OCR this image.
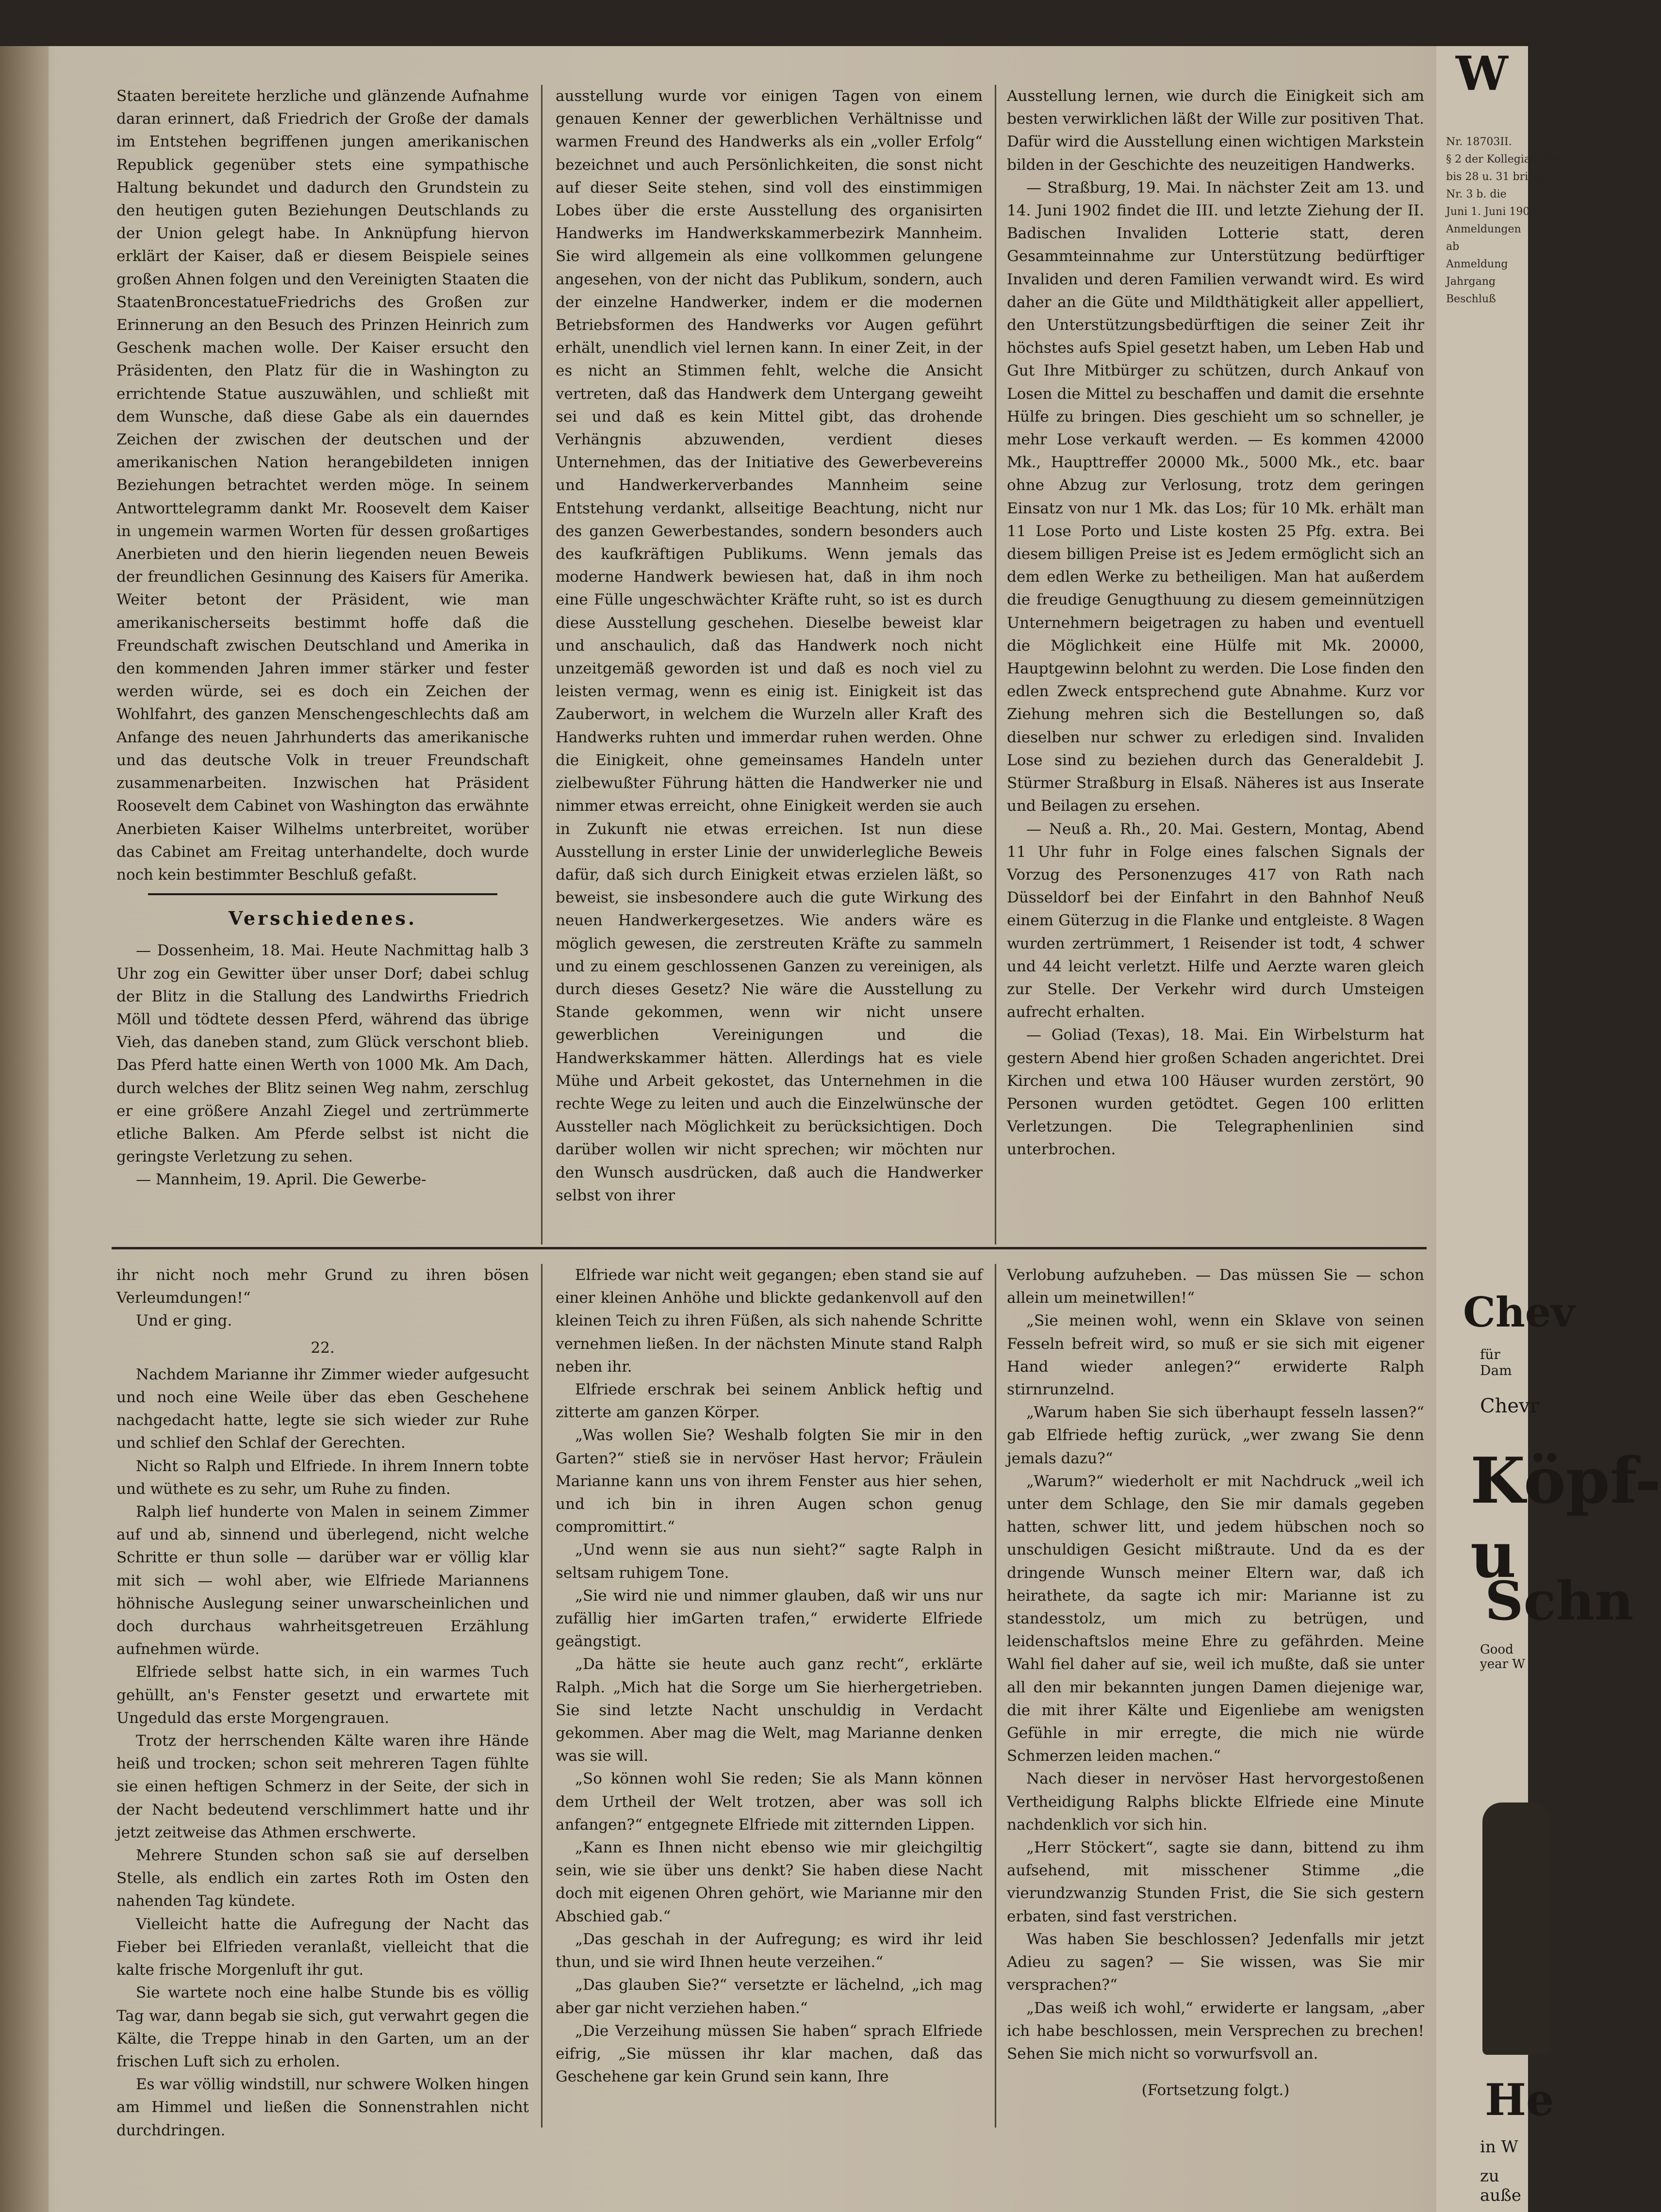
Staaten bereitete herzliche und glänzende Aufnahme daran erinnert, daß Friedrich der Große der damals im Entstehen begriffenen jungen amerikanischen Republick gegenüber stets eine sympathische Haltung bekundet und dadurch den Grundstein zu den heutigen guten Beziehungen Deutschlands zu der Union gelegt habe. In Anknüpfung hiervon erklärt der Kaiser, daß er diesem Beispiele seines großen Ahnen folgen und den Vereinigten Staaten die StaatenBroncestatueFriedrichs des Großen zur Erinnerung an den Besuch des Prinzen Heinrich zum Geschenk machen wolle. Der Kaiser ersucht den Präsidenten, den Platz für die in Washington zu errichtende Statue auszuwählen, und schließt mit dem Wunsche, daß diese Gabe als ein dauerndes Zeichen der zwischen der deutschen und der amerikanischen Nation herangebildeten innigen Beziehungen betrachtet werden möge. In seinem Antworttelegramm dankt Mr. Roosevelt dem Kaiser in ungemein warmen Worten für dessen großartiges Anerbieten und den hierin liegenden neuen Beweis der freundlichen Gesinnung des Kaisers für Amerika. Weiter betont der Präsident, wie man amerikanischerseits bestimmt hoffe daß die Freundschaft zwischen Deutschland und Amerika in den kommenden Jahren immer stärker und fester werden würde, sei es doch ein Zeichen der Wohlfahrt, des ganzen Menschengeschlechts daß am Anfange des neuen Jahrhunderts das amerikanische und das deutsche Volk in treuer Freundschaft zusammenarbeiten. Inzwischen hat Präsident Roosevelt dem Cabinet von Washington das erwähnte Anerbieten Kaiser Wilhelms unterbreitet, worüber das Cabinet am Freitag unterhandelte, doch wurde noch kein bestimmter Beschluß gefaßt.

Verschiedenes.

— Dossenheim, 18. Mai. Heute Nachmittag halb 3 Uhr zog ein Gewitter über unser Dorf; dabei schlug der Blitz in die Stallung des Landwirths Friedrich Möll und tödtete dessen Pferd, während das übrige Vieh, das daneben stand, zum Glück verschont blieb. Das Pferd hatte einen Werth von 1000 Mk. Am Dach, durch welches der Blitz seinen Weg nahm, zerschlug er eine größere Anzahl Ziegel und zertrümmerte etliche Balken. Am Pferde selbst ist nicht die geringste Verletzung zu sehen.

— Mannheim, 19. April. Die Gewerbe-

ausstellung wurde vor einigen Tagen von einem genauen Kenner der gewerblichen Verhältnisse und warmen Freund des Handwerks als ein „voller Erfolg“ bezeichnet und auch Persönlichkeiten, die sonst nicht auf dieser Seite stehen, sind voll des einstimmigen Lobes über die erste Ausstellung des organisirten Handwerks im Handwerkskammerbezirk Mannheim. Sie wird allgemein als eine vollkommen gelungene angesehen, von der nicht das Publikum, sondern, auch der einzelne Handwerker, indem er die modernen Betriebsformen des Handwerks vor Augen geführt erhält, unendlich viel lernen kann. In einer Zeit, in der es nicht an Stimmen fehlt, welche die Ansicht vertreten, daß das Handwerk dem Untergang geweiht sei und daß es kein Mittel gibt, das drohende Verhängnis abzuwenden, verdient dieses Unternehmen, das der Initiative des Gewerbevereins und Handwerkerverbandes Mannheim seine Entstehung verdankt, allseitige Beachtung, nicht nur des ganzen Gewerbestandes, sondern besonders auch des kaufkräftigen Publikums. Wenn jemals das moderne Handwerk bewiesen hat, daß in ihm noch eine Fülle ungeschwächter Kräfte ruht, so ist es durch diese Ausstellung geschehen. Dieselbe beweist klar und anschaulich, daß das Handwerk noch nicht unzeitgemäß geworden ist und daß es noch viel zu leisten vermag, wenn es einig ist. Einigkeit ist das Zauberwort, in welchem die Wurzeln aller Kraft des Handwerks ruhten und immerdar ruhen werden. Ohne die Einigkeit, ohne gemeinsames Handeln unter zielbewußter Führung hätten die Handwerker nie und nimmer etwas erreicht, ohne Einigkeit werden sie auch in Zukunft nie etwas erreichen. Ist nun diese Ausstellung in erster Linie der unwiderlegliche Beweis dafür, daß sich durch Einigkeit etwas erzielen läßt, so beweist, sie insbesondere auch die gute Wirkung des neuen Handwerkergesetzes. Wie anders wäre es möglich gewesen, die zerstreuten Kräfte zu sammeln und zu einem geschlossenen Ganzen zu vereinigen, als durch dieses Gesetz? Nie wäre die Ausstellung zu Stande gekommen, wenn wir nicht unsere gewerblichen Vereinigungen und die Handwerkskammer hätten. Allerdings hat es viele Mühe und Arbeit gekostet, das Unternehmen in die rechte Wege zu leiten und auch die Einzelwünsche der Aussteller nach Möglichkeit zu berücksichtigen. Doch darüber wollen wir nicht sprechen; wir möchten nur den Wunsch ausdrücken, daß auch die Handwerker selbst von ihrer

Ausstellung lernen, wie durch die Einigkeit sich am besten verwirklichen läßt der Wille zur positiven That. Dafür wird die Ausstellung einen wichtigen Markstein bilden in der Geschichte des neuzeitigen Handwerks.

— Straßburg, 19. Mai. In nächster Zeit am 13. und 14. Juni 1902 findet die III. und letzte Ziehung der II. Badischen Invaliden Lotterie statt, deren Gesammteinnahme zur Unterstützung bedürftiger Invaliden und deren Familien verwandt wird. Es wird daher an die Güte und Mildthätigkeit aller appelliert, den Unterstützungsbedürftigen die seiner Zeit ihr höchstes aufs Spiel gesetzt haben, um Leben Hab und Gut Ihre Mitbürger zu schützen, durch Ankauf von Losen die Mittel zu beschaffen und damit die ersehnte Hülfe zu bringen. Dies geschieht um so schneller, je mehr Lose verkauft werden. — Es kommen 42000 Mk., Haupttreffer 20000 Mk., 5000 Mk., etc. baar ohne Abzug zur Verlosung, trotz dem geringen Einsatz von nur 1 Mk. das Los; für 10 Mk. erhält man 11 Lose Porto und Liste kosten 25 Pfg. extra. Bei diesem billigen Preise ist es Jedem ermöglicht sich an dem edlen Werke zu betheiligen. Man hat außerdem die freudige Genugthuung zu diesem gemeinnützigen Unternehmern beigetragen zu haben und eventuell die Möglichkeit eine Hülfe mit Mk. 20000, Hauptgewinn belohnt zu werden. Die Lose finden den edlen Zweck entsprechend gute Abnahme. Kurz vor Ziehung mehren sich die Bestellungen so, daß dieselben nur schwer zu erledigen sind. Invaliden Lose sind zu beziehen durch das Generaldebit J. Stürmer Straßburg in Elsaß. Näheres ist aus Inserate und Beilagen zu ersehen.

— Neuß a. Rh., 20. Mai. Gestern, Montag, Abend 11 Uhr fuhr in Folge eines falschen Signals der Vorzug des Personenzuges 417 von Rath nach Düsseldorf bei der Einfahrt in den Bahnhof Neuß einem Güterzug in die Flanke und entgleiste. 8 Wagen wurden zertrümmert, 1 Reisender ist todt, 4 schwer und 44 leicht verletzt. Hilfe und Aerzte waren gleich zur Stelle. Der Verkehr wird durch Umsteigen aufrecht erhalten.

— Goliad (Texas), 18. Mai. Ein Wirbelsturm hat gestern Abend hier großen Schaden angerichtet. Drei Kirchen und etwa 100 Häuser wurden zerstört, 90 Personen wurden getödtet. Gegen 100 erlitten Verletzungen. Die Telegraphenlinien sind unterbrochen.

ihr nicht noch mehr Grund zu ihren bösen Verleumdungen!“

Und er ging.

22.

Nachdem Marianne ihr Zimmer wieder aufgesucht und noch eine Weile über das eben Geschehene nachgedacht hatte, legte sie sich wieder zur Ruhe und schlief den Schlaf der Gerechten.

Nicht so Ralph und Elfriede. In ihrem Innern tobte und wüthete es zu sehr, um Ruhe zu finden.

Ralph lief hunderte von Malen in seinem Zimmer auf und ab, sinnend und überlegend, nicht welche Schritte er thun solle — darüber war er völlig klar mit sich — wohl aber, wie Elfriede Mariannens höhnische Auslegung seiner unwarscheinlichen und doch durchaus wahrheitsgetreuen Erzählung aufnehmen würde.

Elfriede selbst hatte sich, in ein warmes Tuch gehüllt, an's Fenster gesetzt und erwartete mit Ungeduld das erste Morgengrauen.

Trotz der herrschenden Kälte waren ihre Hände heiß und trocken; schon seit mehreren Tagen fühlte sie einen heftigen Schmerz in der Seite, der sich in der Nacht bedeutend verschlimmert hatte und ihr jetzt zeitweise das Athmen erschwerte.

Mehrere Stunden schon saß sie auf derselben Stelle, als endlich ein zartes Roth im Osten den nahenden Tag kündete.

Vielleicht hatte die Aufregung der Nacht das Fieber bei Elfrieden veranlaßt, vielleicht that die kalte frische Morgenluft ihr gut.

Sie wartete noch eine halbe Stunde bis es völlig Tag war, dann begab sie sich, gut verwahrt gegen die Kälte, die Treppe hinab in den Garten, um an der frischen Luft sich zu erholen.

Es war völlig windstill, nur schwere Wolken hingen am Himmel und ließen die Sonnenstrahlen nicht durchdringen.

Elfriede war nicht weit gegangen; eben stand sie auf einer kleinen Anhöhe und blickte gedankenvoll auf den kleinen Teich zu ihren Füßen, als sich nahende Schritte vernehmen ließen. In der nächsten Minute stand Ralph neben ihr.

Elfriede erschrak bei seinem Anblick heftig und zitterte am ganzen Körper.

„Was wollen Sie? Weshalb folgten Sie mir in den Garten?“ stieß sie in nervöser Hast hervor; Fräulein Marianne kann uns von ihrem Fenster aus hier sehen, und ich bin in ihren Augen schon genug compromittirt.“

„Und wenn sie aus nun sieht?“ sagte Ralph in seltsam ruhigem Tone.

„Sie wird nie und nimmer glauben, daß wir uns nur zufällig hier imGarten trafen,“ erwiderte Elfriede geängstigt.

„Da hätte sie heute auch ganz recht“, erklärte Ralph. „Mich hat die Sorge um Sie hierhergetrieben. Sie sind letzte Nacht unschuldig in Verdacht gekommen. Aber mag die Welt, mag Marianne denken was sie will.

„So können wohl Sie reden; Sie als Mann können dem Urtheil der Welt trotzen, aber was soll ich anfangen?“ entgegnete Elfriede mit zitternden Lippen.

„Kann es Ihnen nicht ebenso wie mir gleichgiltig sein, wie sie über uns denkt? Sie haben diese Nacht doch mit eigenen Ohren gehört, wie Marianne mir den Abschied gab.“

„Das geschah in der Aufregung; es wird ihr leid thun, und sie wird Ihnen heute verzeihen.“

„Das glauben Sie?“ versetzte er lächelnd, „ich mag aber gar nicht verziehen haben.“

„Die Verzeihung müssen Sie haben“ sprach Elfriede eifrig, „Sie müssen ihr klar machen, daß das Geschehene gar kein Grund sein kann, Ihre

Verlobung aufzuheben. — Das müssen Sie — schon allein um meinetwillen!“

„Sie meinen wohl, wenn ein Sklave von seinen Fesseln befreit wird, so muß er sie sich mit eigener Hand wieder anlegen?“ erwiderte Ralph stirnrunzelnd.

„Warum haben Sie sich überhaupt fesseln lassen?“ gab Elfriede heftig zurück, „wer zwang Sie denn jemals dazu?“

„Warum?“ wiederholt er mit Nachdruck „weil ich unter dem Schlage, den Sie mir damals gegeben hatten, schwer litt, und jedem hübschen noch so unschuldigen Gesicht mißtraute. Und da es der dringende Wunsch meiner Eltern war, daß ich heirathete, da sagte ich mir: Marianne ist zu standesstolz, um mich zu betrügen, und leidenschaftslos meine Ehre zu gefährden. Meine Wahl fiel daher auf sie, weil ich mußte, daß sie unter all den mir bekannten jungen Damen diejenige war, die mit ihrer Kälte und Eigenliebe am wenigsten Gefühle in mir erregte, die mich nie würde Schmerzen leiden machen.“

Nach dieser in nervöser Hast hervorgestoßenen Vertheidigung Ralphs blickte Elfriede eine Minute nachdenklich vor sich hin.

„Herr Stöckert“, sagte sie dann, bittend zu ihm aufsehend, mit misschener Stimme „die vierundzwanzig Stunden Frist, die Sie sich gestern erbaten, sind fast verstrichen.

Was haben Sie beschlossen? Jedenfalls mir jetzt Adieu zu sagen? — Sie wissen, was Sie mir versprachen?“

„Das weiß ich wohl,“ erwiderte er langsam, „aber ich habe beschlossen, mein Versprechen zu brechen! Sehen Sie mich nicht so vorwurfsvoll an.

(Fortsetzung folgt.)
W
Nr. 18703II.
§ 2 der Kollegiats-Verord
bis 28 u. 31 bringen w
Nr. 3 b. die
Juni 1. Juni 1902
Anmeldungen
ab
Anmeldung
Jahrgang
Beschluß
Chev
für Dam
Chevr
Köpf- u
Schn
Good year W
He
in W
zu auße
